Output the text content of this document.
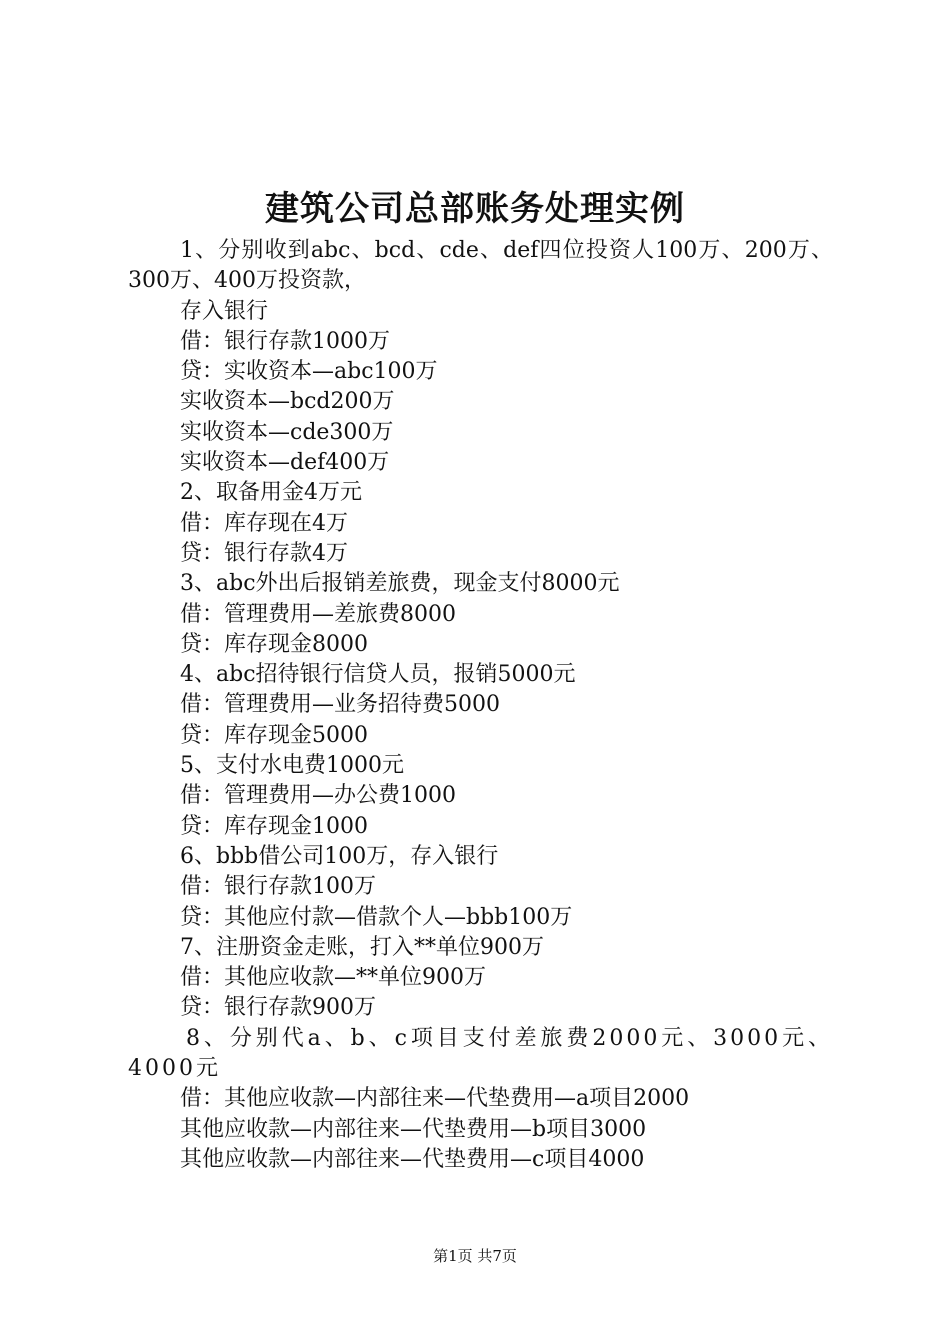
建筑公司总部账务处理实例
1、分别收到abc、bcd、cde、def四位投资人100万、200万、300万、400万投资款，
存入银行
借：银行存款1000万
贷：实收资本—abc100万
实收资本—bcd200万
实收资本—cde300万
实收资本—def400万
2、取备用金4万元
借：库存现在4万
贷：银行存款4万
3、abc外出后报销差旅费，现金支付8000元
借：管理费用—差旅费8000
贷：库存现金8000
4、abc招待银行信贷人员，报销5000元
借：管理费用—业务招待费5000
贷：库存现金5000
5、支付水电费1000元
借：管理费用—办公费1000
贷：库存现金1000
6、bbb借公司100万，存入银行
借：银行存款100万
贷：其他应付款—借款个人—bbb100万
7、注册资金走账，打入**单位900万
借：其他应收款—**单位900万
贷：银行存款900万
8、分别代a、b、c项目支付差旅费2000元、3000元、4000元
借：其他应收款—内部往来—代垫费用—a项目2000
其他应收款—内部往来—代垫费用—b项目3000
其他应收款—内部往来—代垫费用—c项目4000
第1页 共7页
